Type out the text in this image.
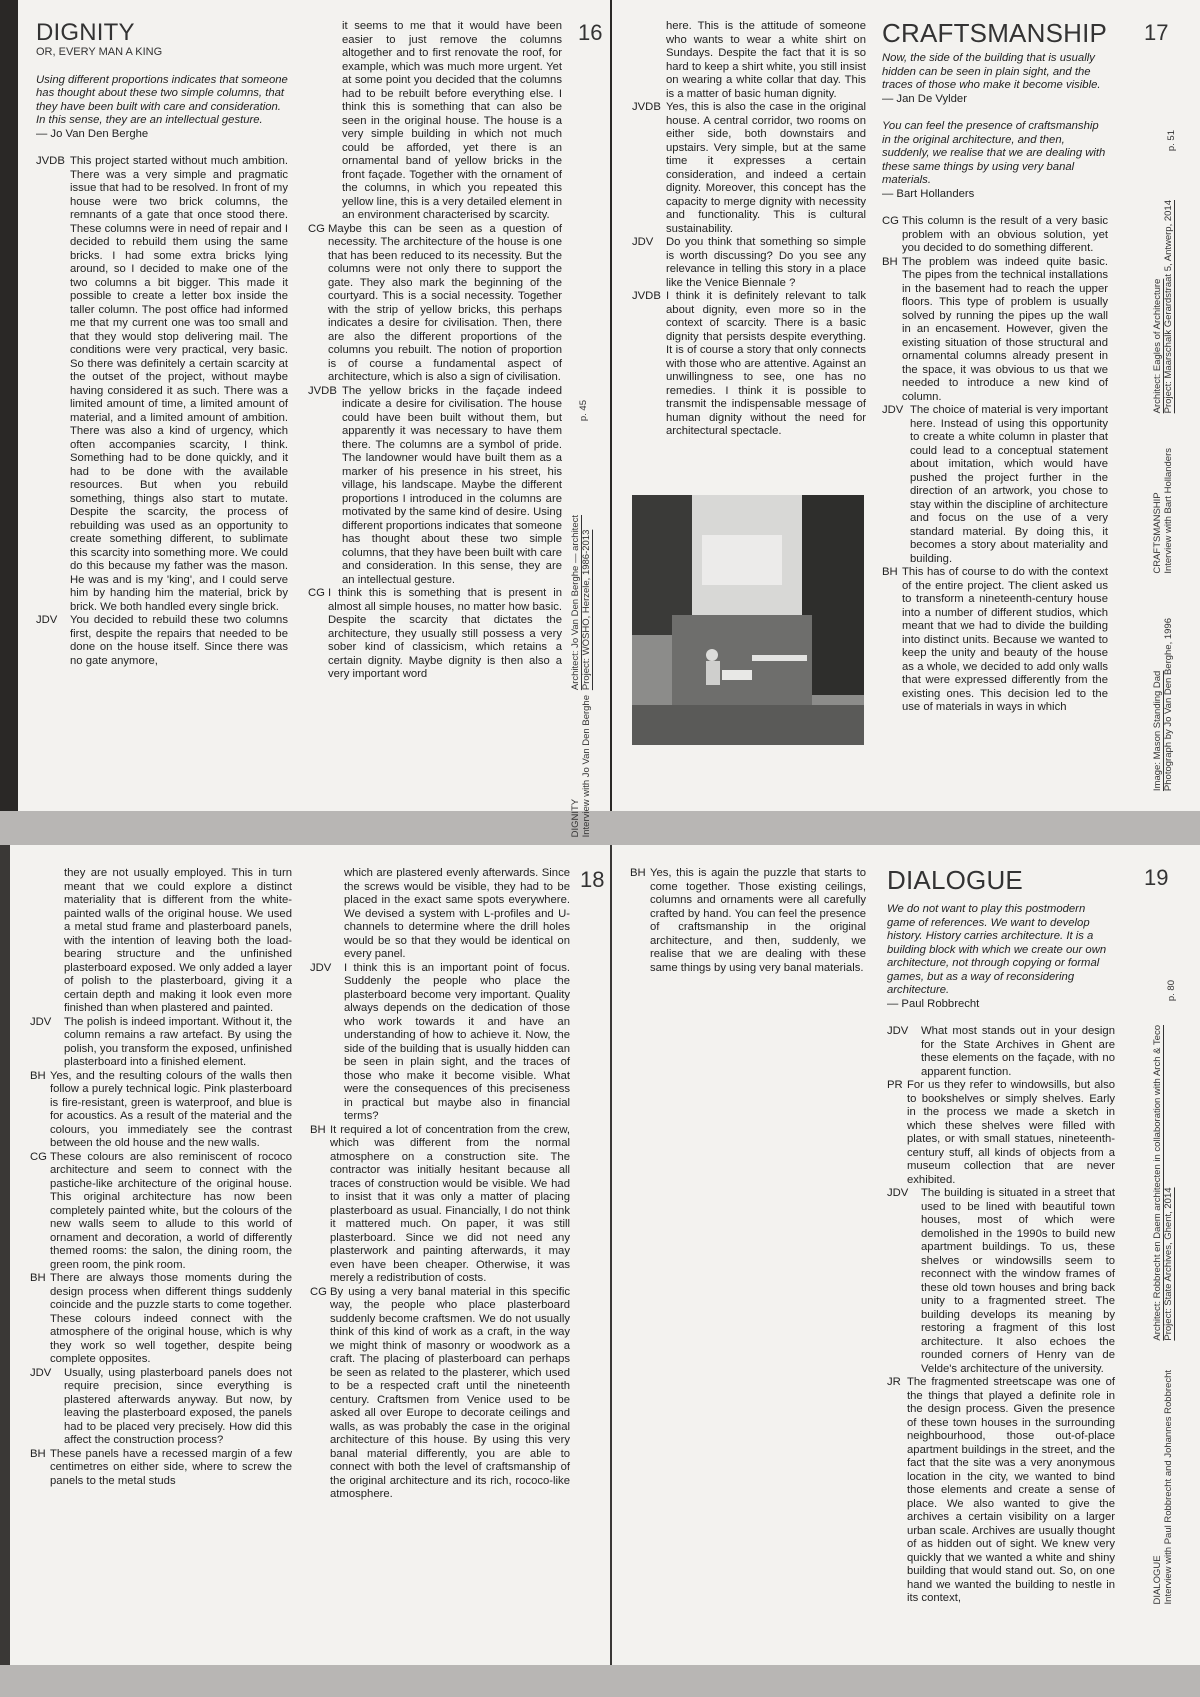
DIGNITY

OR, EVERY MAN A KING

Using different proportions indicates that someone has thought about these two simple columns, that they have been built with care and consideration. In this sense, they are an intellectual gesture.

— Jo Van Den Berghe

JVDB This project started without much ambition. There was a very simple and pragmatic issue that had to be resolved. In front of my house were two brick columns, the remnants of a gate that once stood there. These columns were in need of repair and I decided to rebuild them using the same bricks. I had some extra bricks lying around, so I decided to make one of the two columns a bit bigger. This made it possible to create a letter box inside the taller column. The post office had informed me that my current one was too small and that they would stop delivering mail. The conditions were very practical, very basic. So there was definitely a certain scarcity at the outset of the project, without maybe having considered it as such. There was a limited amount of time, a limited amount of material, and a limited amount of ambition. There was also a kind of urgency, which often accompanies scarcity, I think. Something had to be done quickly, and it had to be done with the available resources. But when you rebuild something, things also start to mutate. Despite the scarcity, the process of rebuilding was used as an opportunity to create something different, to sublimate this scarcity into something more. We could do this because my father was the mason. He was and is my 'king', and I could serve him by handing him the material, brick by brick. We both handled every single brick.

JDV You decided to rebuild these two columns first, despite the repairs that needed to be done on the house itself. Since there was no gate anymore,

it seems to me that it would have been easier to just remove the columns altogether and to first renovate the roof, for example, which was much more urgent. Yet at some point you decided that the columns had to be rebuilt before everything else. I think this is something that can also be seen in the original house. The house is a very simple building in which not much could be afforded, yet there is an ornamental band of yellow bricks in the front façade. Together with the ornament of the columns, in which you repeated this yellow line, this is a very detailed element in an environment characterised by scarcity.

CG Maybe this can be seen as a question of necessity. The architecture of the house is one that has been reduced to its necessity. But the columns were not only there to support the gate. They also mark the beginning of the courtyard. This is a social necessity. Together with the strip of yellow bricks, this perhaps indicates a desire for civilisation. Then, there are also the different proportions of the columns you rebuilt. The notion of proportion is of course a fundamental aspect of architecture, which is also a sign of civilisation.

JVDB The yellow bricks in the façade indeed indicate a desire for civilisation. The house could have been built without them, but apparently it was necessary to have them there. The columns are a symbol of pride. The landowner would have built them as a marker of his presence in his street, his village, his landscape. Maybe the different proportions I introduced in the columns are motivated by the same kind of desire. Using different proportions indicates that someone has thought about these two simple columns, that they have been built with care and consideration. In this sense, they are an intellectual gesture.

CG I think this is something that is present in almost all simple houses, no matter how basic. Despite the scarcity that dictates the architecture, they usually still possess a very sober kind of classicism, which retains a certain dignity. Maybe dignity is then also a very important word

16
p. 45
Architect: Jo Van Den Berghe — architect Project: WOSHO, Herzele, 1986-2013
DIGNITY Interview with Jo Van Den Berghe

here. This is the attitude of someone who wants to wear a white shirt on Sundays. Despite the fact that it is so hard to keep a shirt white, you still insist on wearing a white collar that day. This is a matter of basic human dignity.

JVDB Yes, this is also the case in the original house. A central corridor, two rooms on either side, both downstairs and upstairs. Very simple, but at the same time it expresses a certain consideration, and indeed a certain dignity. Moreover, this concept has the capacity to merge dignity with necessity and functionality. This is cultural sustainability.

JDV Do you think that something so simple is worth discussing? Do you see any relevance in telling this story in a place like the Venice Biennale ?

JVDB I think it is definitely relevant to talk about dignity, even more so in the context of scarcity. There is a basic dignity that persists despite everything. It is of course a story that only connects with those who are attentive. Against an unwillingness to see, one has no remedies. I think it is possible to transmit the indispensable message of human dignity without the need for architectural spectacle.

CRAFTSMANSHIP

Now, the side of the building that is usually hidden can be seen in plain sight, and the traces of those who make it become visible.

— Jan De Vylder

You can feel the presence of craftsmanship in the original architecture, and then, suddenly, we realise that we are dealing with these same things by using very banal materials.

— Bart Hollanders

CG This column is the result of a very basic problem with an obvious solution, yet you decided to do something different.

BH The problem was indeed quite basic. The pipes from the technical installations in the basement had to reach the upper floors. This type of problem is usually solved by running the pipes up the wall in an encasement. However, given the existing situation of those structural and ornamental columns already present in the space, it was obvious to us that we needed to introduce a new kind of column.

JDV The choice of material is very important here. Instead of using this opportunity to create a white column in plaster that could lead to a conceptual statement about imitation, which would have pushed the project further in the direction of an artwork, you chose to stay within the discipline of architecture and focus on the use of a very standard material. By doing this, it becomes a story about materiality and building.

BH This has of course to do with the context of the entire project. The client asked us to transform a nineteenth-century house into a number of different studios, which meant that we had to divide the building into distinct units. Because we wanted to keep the unity and beauty of the house as a whole, we decided to add only walls that were expressed differently from the existing ones. This decision led to the use of materials in ways in which

17
p. 51
Architect: Eagles of Architecture Project: Maarschalk Gerardstraat 5, Antwerp, 2014
CRAFTSMANSHIP Interview with Bart Hollanders
Image: Mason Standing Dad Photograph by Jo Van Den Berghe, 1996

they are not usually employed. This in turn meant that we could explore a distinct materiality that is different from the white-painted walls of the original house. We used a metal stud frame and plasterboard panels, with the intention of leaving both the load-bearing structure and the unfinished plasterboard exposed. We only added a layer of polish to the plasterboard, giving it a certain depth and making it look even more finished than when plastered and painted.

JDV The polish is indeed important. Without it, the column remains a raw artefact. By using the polish, you transform the exposed, unfinished plasterboard into a finished element.

BH Yes, and the resulting colours of the walls then follow a purely technical logic. Pink plasterboard is fire-resistant, green is waterproof, and blue is for acoustics. As a result of the material and the colours, you immediately see the contrast between the old house and the new walls.

CG These colours are also reminiscent of rococo architecture and seem to connect with the pastiche-like architecture of the original house. This original architecture has now been completely painted white, but the colours of the new walls seem to allude to this world of ornament and decoration, a world of differently themed rooms: the salon, the dining room, the green room, the pink room.

BH There are always those moments during the design process when different things suddenly coincide and the puzzle starts to come together. These colours indeed connect with the atmosphere of the original house, which is why they work so well together, despite being complete opposites.

JDV Usually, using plasterboard panels does not require precision, since everything is plastered afterwards anyway. But now, by leaving the plasterboard exposed, the panels had to be placed very precisely. How did this affect the construction process?

BH These panels have a recessed margin of a few centimetres on either side, where to screw the panels to the metal studs

which are plastered evenly afterwards. Since the screws would be visible, they had to be placed in the exact same spots everywhere. We devised a system with L-profiles and U-channels to determine where the drill holes would be so that they would be identical on every panel.

JDV I think this is an important point of focus. Suddenly the people who place the plasterboard become very important. Quality always depends on the dedication of those who work towards it and have an understanding of how to achieve it. Now, the side of the building that is usually hidden can be seen in plain sight, and the traces of those who make it become visible. What were the consequences of this preciseness in practical but maybe also in financial terms?

BH It required a lot of concentration from the crew, which was different from the normal atmosphere on a construction site. The contractor was initially hesitant because all traces of construction would be visible. We had to insist that it was only a matter of placing plasterboard as usual. Financially, I do not think it mattered much. On paper, it was still plasterboard. Since we did not need any plasterwork and painting afterwards, it may even have been cheaper. Otherwise, it was merely a redistribution of costs.

CG By using a very banal material in this specific way, the people who place plasterboard suddenly become craftsmen. We do not usually think of this kind of work as a craft, in the way we might think of masonry or woodwork as a craft. The placing of plasterboard can perhaps be seen as related to the plasterer, which used to be a respected craft until the nineteenth century. Craftsmen from Venice used to be asked all over Europe to decorate ceilings and walls, as was probably the case in the original architecture of this house. By using this very banal material differently, you are able to connect with both the level of craftsmanship of the original architecture and its rich, rococo-like atmosphere.

18 BH Yes, this is again the puzzle that starts to come together. Those existing ceilings, columns and ornaments were all carefully crafted by hand. You can feel the presence of craftsmanship in the original architecture, and then, suddenly, we realise that we are dealing with these same things by using very banal materials.

DIALOGUE

We do not want to play this postmodern game of references. We want to develop history. History carries architecture. It is a building block with which we create our own architecture, not through copying or formal games, but as a way of reconsidering architecture.

— Paul Robbrecht

JDV What most stands out in your design for the State Archives in Ghent are these elements on the façade, with no apparent function.

PR For us they refer to windowsills, but also to bookshelves or simply shelves. Early in the process we made a sketch in which these shelves were filled with plates, or with small statues, nineteenth-century stuff, all kinds of objects from a museum collection that are never exhibited.

JDV The building is situated in a street that used to be lined with beautiful town houses, most of which were demolished in the 1990s to build new apartment buildings. To us, these shelves or windowsills seem to reconnect with the window frames of these old town houses and bring back unity to a fragmented street. The building develops its meaning by restoring a fragment of this lost architecture. It also echoes the rounded corners of Henry van de Velde's architecture of the university.

JR The fragmented streetscape was one of the things that played a definite role in the design process. Given the presence of these town houses in the surrounding neighbourhood, those out-of-place apartment buildings in the street, and the fact that the site was a very anonymous location in the city, we wanted to bind those elements and create a sense of place. We also wanted to give the archives a certain visibility on a larger urban scale. Archives are usually thought of as hidden out of sight. We knew very quickly that we wanted a white and shiny building that would stand out. So, on one hand we wanted the building to nestle in its context,

19
p. 80
Architect: Robbrecht en Daem architecten in collaboration with Arch & Teco Project: State Archives, Ghent, 2014
DIALOGUE Interview with Paul Robbrecht and Johannes Robbrecht
